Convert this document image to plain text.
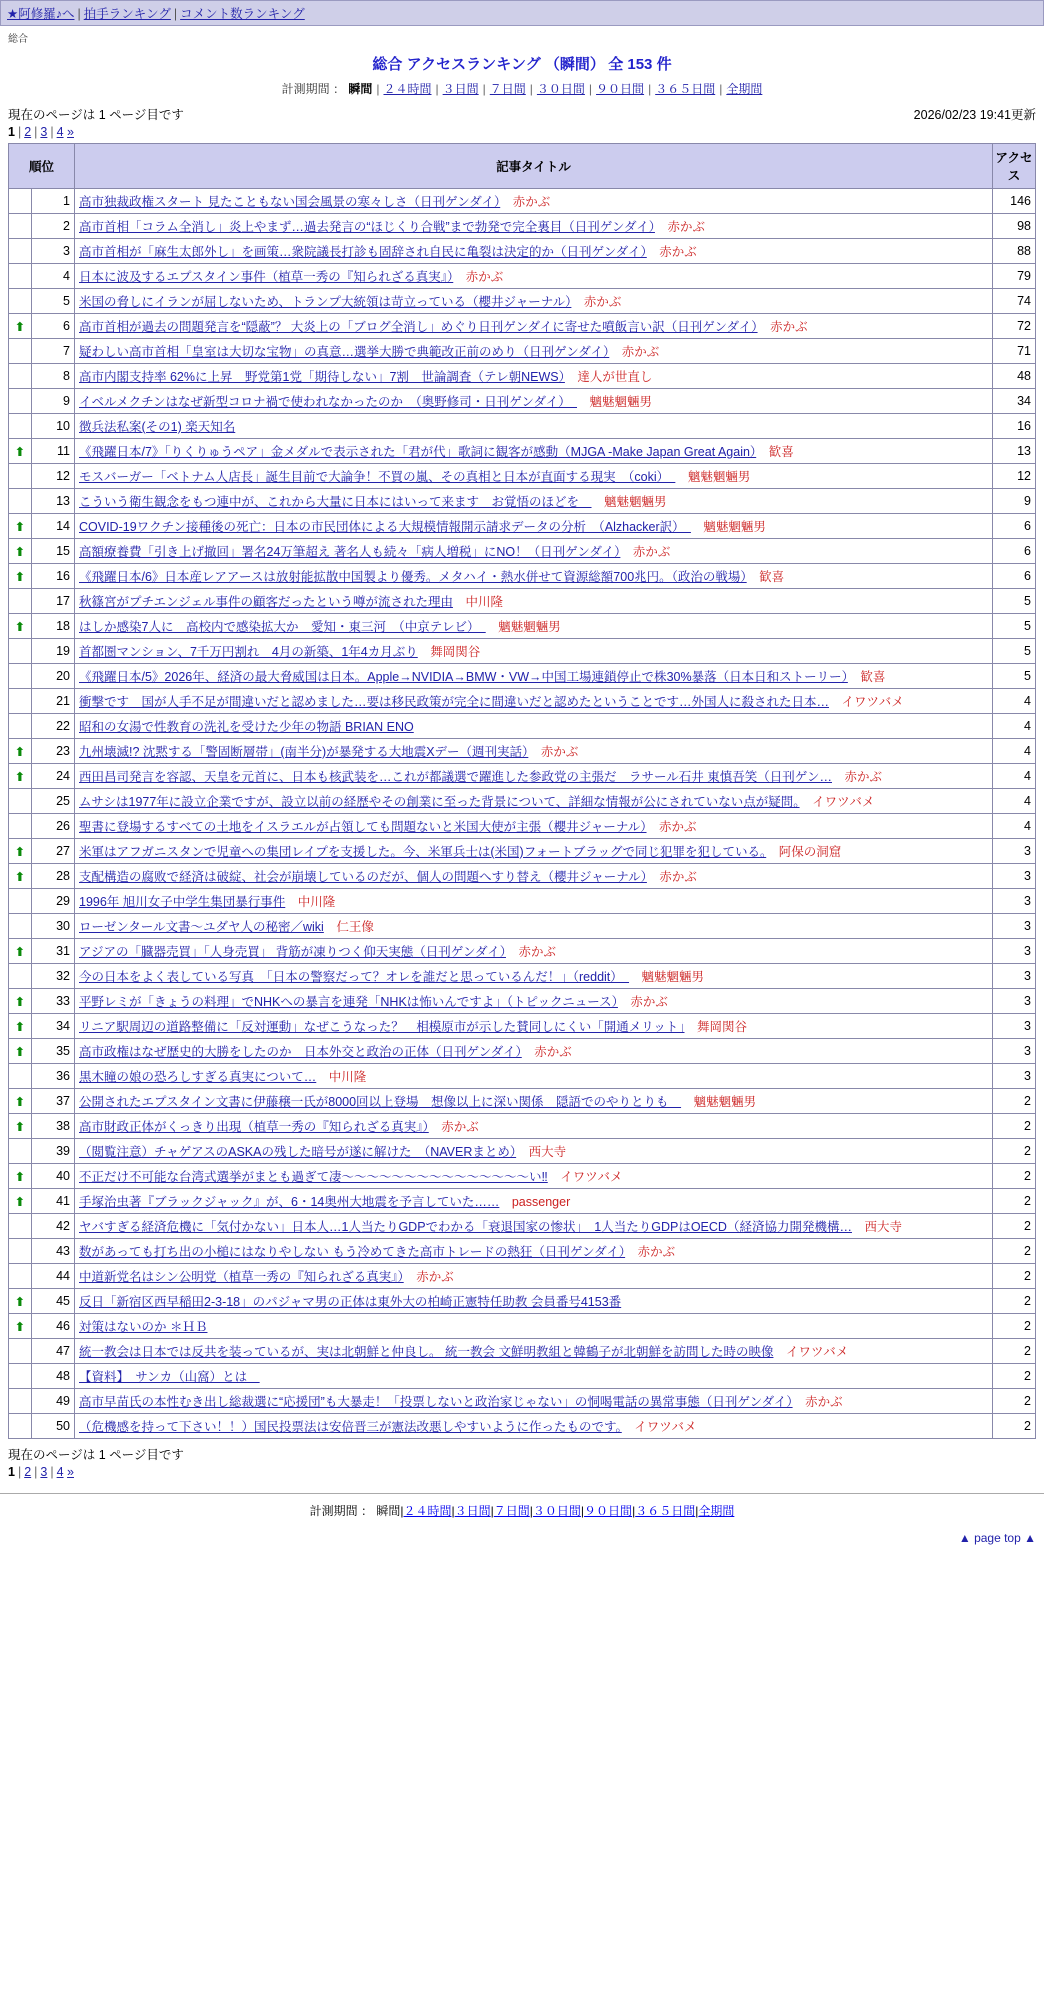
★阿修羅♪へ | 拍手ランキング | コメント数ランキング
総合
総合 アクセスランキング （瞬間） 全 153 件
計測期間 ： 瞬間 | ２４時間 | ３日間 | ７日間 | ３０日間 | ９０日間 | ３６５日間 | 全期間
現在のページは 1 ページ目です	2026/02/23 19:41更新
1 | 2 | 3 | 4 »
順位		記事タイトル	アクセス
	1	高市独裁政権スタート 見たこともない国会風景の寒々しさ（日刊ゲンダイ）　赤かぶ	146
	2	高市首相「コラム全消し」炎上やまず…過去発言の“ほじくり合戦”まで勃発で完全裏目（日刊ゲンダイ）　赤かぶ	98
	3	高市首相が「麻生太郎外し」を画策…衆院議長打診も固辞され自民に亀裂は決定的か（日刊ゲンダイ）　赤かぶ	88
	4	日本に波及するエプスタイン事件（植草一秀の『知られざる真実』）　赤かぶ	79
	5	米国の脅しにイランが屈しないため、トランプ大統領は苛立っている（櫻井ジャーナル）　赤かぶ	74
⬆	6	高市首相が過去の問題発言を“隠蔽”？ 大炎上の「ブログ全消し」めぐり日刊ゲンダイに寄せた噴飯言い訳（日刊ゲンダイ）　赤かぶ	72
	7	疑わしい高市首相「皇室は大切な宝物」の真意…選挙大勝で典範改正前のめり（日刊ゲンダイ）　赤かぶ	71
	8	高市内閣支持率 62%に上昇　野党第1党「期待しない」7割　世論調査（テレ朝NEWS）　達人が世直し	48
	9	イベルメクチンはなぜ新型コロナ禍で使われなかったのか　（奥野修司・日刊ゲンダイ）　　魑魅魍魎男	34
	10	徴兵法私案(その1) 楽天知名	16
⬆	11	《飛躍日本/7》「りくりゅうペア」金メダルで表示された「君が代」歌詞に観客が感動（MJGA -Make Japan Great Again）　歓喜	13
	12	モスバーガー「ベトナム人店長」誕生目前で大論争！不買の嵐、その真相と日本が直面する現実　（coki）　　魑魅魍魎男	12
	13	こういう衛生観念をもつ連中が、これから大量に日本にはいって来ます　お覚悟のほどを　　魑魅魍魎男	9
⬆	14	COVID-19ワクチン接種後の死亡：日本の市民団体による大規模情報開示請求データの分析　（Alzhacker訳）　　魑魅魍魎男	6
⬆	15	高額療養費「引き上げ撤回」署名24万筆超え 著名人も続々「病人増税」にNO！（日刊ゲンダイ）　赤かぶ	6
⬆	16	《飛躍日本/6》日本産レアアースは放射能拡散中国製より優秀。メタハイ・熱水併せて資源総額700兆円。（政治の戦場）　歓喜	6
	17	秋篠宮がプチエンジェル事件の顧客だったという噂が流された理由　中川隆	5
⬆	18	はしか感染7人に　高校内で感染拡大か　愛知・東三河　（中京テレビ）　　魑魅魍魎男	5
	19	首都圏マンション、7千万円割れ　4月の新築、1年4カ月ぶり　舞岡関谷	5
	20	《飛躍日本/5》2026年、経済の最大脅威国は日本。Apple→NVIDIA→BMW・VW→中国工場連鎖停止で株30%暴落（日本日和ストーリー）　歓喜	5
	21	衝撃です　国が人手不足が間違いだと認めました…要は移民政策が完全に間違いだと認めたということです…外国人に殺された日本…　イワツバメ	4
	22	昭和の女湯で性教育の洗礼を受けた少年の物語 BRIAN ENO	4
⬆	23	九州壊滅!? 沈黙する「警固断層帯」(南半分)が暴発する大地震Xデー（週刊実話）　赤かぶ	4
⬆	24	西田昌司発言を容認、天皇を元首に、日本も核武装を…これが都議選で躍進した参政党の主張だ　ラサール石井 東慎吾笑（日刊ゲン…　赤かぶ	4
	25	ムサシは1977年に設立企業ですが、設立以前の経歴やその創業に至った背景について、詳細な情報が公にされていない点が疑問。　イワツバメ	4
	26	聖書に登場するすべての土地をイスラエルが占領しても問題ないと米国大使が主張（櫻井ジャーナル）　赤かぶ	4
⬆	27	米軍はアフガニスタンで児童への集団レイプを支援した。今、米軍兵士は(米国)フォートブラッグで同じ犯罪を犯している。　阿保の洞窟	3
⬆	28	支配構造の腐败で経済は破綻、社会が崩壊しているのだが、個人の問題へすり替え（櫻井ジャーナル）　赤かぶ	3
	29	1996年 旭川女子中学生集団暴行事件　中川隆	3
	30	ローゼンタール文書〜ユダヤ人の秘密／wiki　仁王像	3
⬆	31	アジアの「臓器売買」「人身売買」 背筋が凍りつく仰天実態（日刊ゲンダイ）　赤かぶ	3
	32	今の日本をよく表している写真　「日本の警察だって？オレを誰だと思っているんだ！」（reddit）　　魑魅魍魎男	3
⬆	33	平野レミが「きょうの料理」でNHKへの暴言を連発「NHKは怖いんですよ」（トピックニュース）　赤かぶ	3
⬆	34	リニア駅周辺の道路整備に「反対運動」なぜこうなった？　相模原市が示した賛同しにくい「開通メリット」　舞岡関谷	3
⬆	35	高市政権はなぜ歴史的大勝をしたのか　日本外交と政治の正体（日刊ゲンダイ）　赤かぶ	3
	36	黒木瞳の娘の恐ろしすぎる真実について…　中川隆	3
⬆	37	公開されたエプスタイン文書に伊藤穣一氏が8000回以上登場　想像以上に深い関係　隠語でのやりとりも　　魑魅魍魎男	2
⬆	38	高市財政正体がくっきり出現（植草一秀の『知られざる真実』）　赤かぶ	2
	39	（閲覧注意）チャゲアスのASKAの残した暗号が遂に解けた　（NAVERまとめ）　西大寺	2
⬆	40	不正だけ不可能な台湾式選挙がまとも過ぎて凄〜〜〜〜〜〜〜〜〜〜〜〜〜〜〜い‼　イワツバメ	2
⬆	41	手塚治虫著『ブラックジャック』が、6・14奥州大地震を予言していた……　passenger	2
	42	ヤバすぎる経済危機に「気付かない」日本人…1人当たりGDPでわかる「衰退国家の惨状」　1人当たりGDPはOECD（経済協力開発機構…　西大寺	2
	43	数があっても打ち出の小槌にはなりやしない もう冷めてきた高市トレードの熱狂（日刊ゲンダイ）　赤かぶ	2
	44	中道新党名はシン公明党（植草一秀の『知られざる真実』）　赤かぶ	2
⬆	45	反日「新宿区西早稲田2-3-18」のパジャマ男の正体は東外大の柏崎正憲特任助教 会員番号4153番	2
⬆	46	対策はないのか ＊ＨＢ	2
	47	統一教会は日本では反共を装っているが、実は北朝鮮と仲良し。 統一教会 文鮮明教組と韓鶴子が北朝鮮を訪問した時の映像　イワツバメ	2
	48	【資料】　サンカ（山窩）とは　	2
	49	高市早苗氏の本性むき出し総裁選に“応援団”も大暴走！「投票しないと政治家じゃない」の恫喝電話の異常事態（日刊ゲンダイ）　赤かぶ	2
	50	（危機感を持って下さい！！）国民投票法は安倍晋三が憲法改悪しやすいように作ったものです。　イワツバメ	2
現在のページは 1 ページ目です
1 | 2 | 3 | 4 »
計測期間 ： 瞬間|２４時間|３日間|７日間|３０日間|９０日間|３６５日間|全期間
▲ page top ▲
